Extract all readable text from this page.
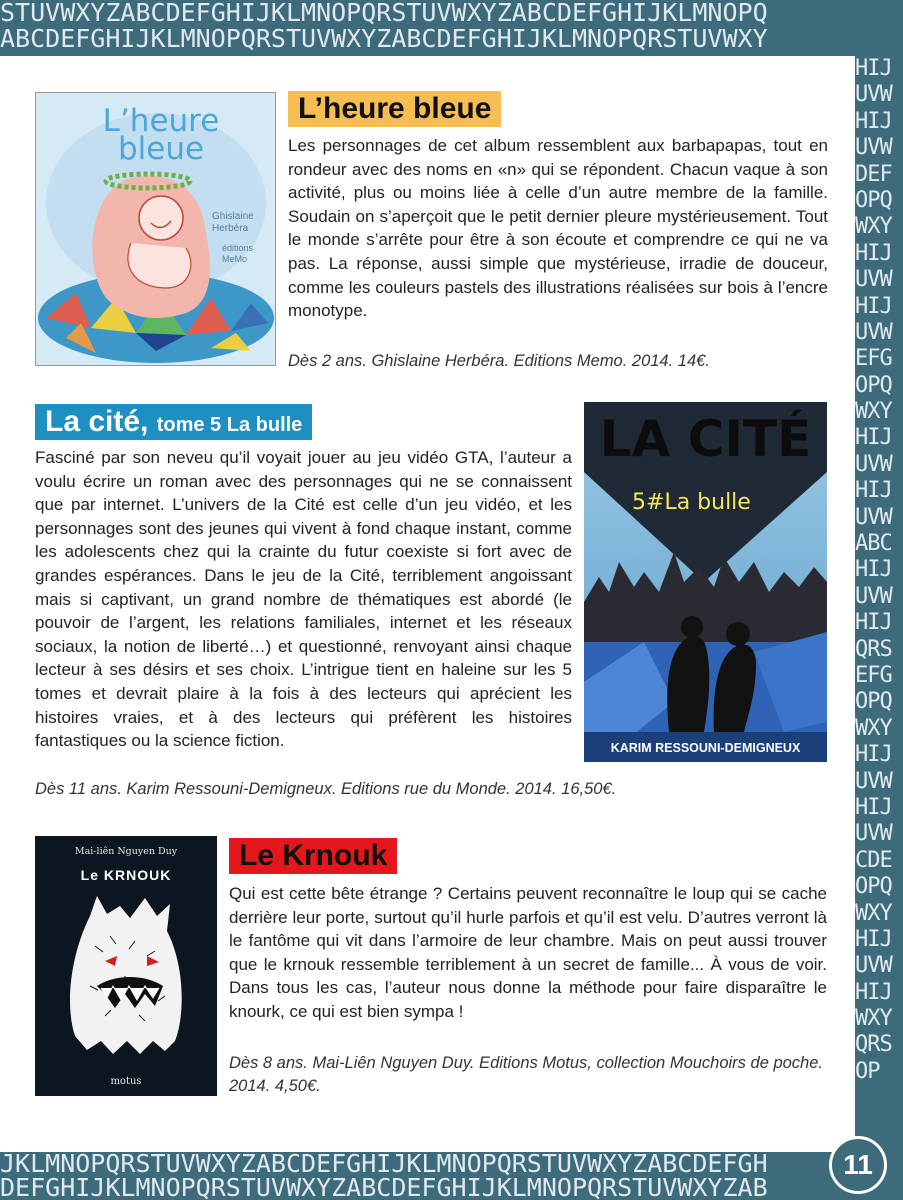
STUVWXYZABCDEFGHIJKLMNOPQRSTUVWXYZABCDEFGHIJKLMNOPQ
ABCDEFGHIJKLMNOPQRSTUVWXYZABCDEFGHIJKLMNOPQRSTUVWXY
HIJ
UVW
HIJ
UVW
DEF
OPQ
WXY
HIJ
UVW
HIJ
UVW
EFG
OPQ
WXY
HIJ
UVW
HIJ
UVW
ABC
HIJ
UVW
HIJ
QRS
EFG
OPQ
WXY
HIJ
UVW
HIJ
UVW
CDE
OPQ
WXY
HIJ
UVW
HIJ
WXY
QRS
OP
JKLMNOPQRSTUVWXYZABCDEFGHIJKLMNOPQRSTUVWXYZABCDEFGH
DEFGHIJKLMNOPQRSTUVWXYZABCDEFGHIJKLMNOPQRSTUVWXYZAB
L’heure bleue
Ghislaine Herbéra
éditions MeMo
L’heure bleue
Les personnages de cet album ressemblent aux barbapapas, tout en rondeur avec des noms en «n» qui se répondent. Chacun vaque à son activité, plus ou moins liée à celle d’un autre membre de la famille. Soudain on s’aperçoit que le petit dernier pleure mystérieusement. Tout le monde s’arrête pour être à son écoute et comprendre ce qui ne va pas. La réponse, aussi simple que mystérieuse, irradie de douceur, comme les couleurs pastels des illustrations réalisées sur bois à l’encre monotype.
Dès 2 ans. Ghislaine Herbéra. Editions Memo. 2014. 14€.
La cité, tome 5 La bulle
Fasciné par son neveu qu’il voyait jouer au jeu vidéo GTA, l’auteur a voulu écrire un roman avec des personnages qui ne se connaissent que par internet. L’univers de la Cité est celle d’un jeu vidéo, et les personnages sont des jeunes qui vivent à fond chaque instant, comme les adolescents chez qui la crainte du futur coexiste si fort avec de grandes espérances. Dans le jeu de la Cité, terriblement angoissant mais si captivant, un grand nombre de thématiques est abordé (le pouvoir de l’argent, les relations familiales, internet et les réseaux sociaux, la notion de liberté…) et questionné, renvoyant ainsi chaque lecteur à ses désirs et ses choix. L’intrigue tient en haleine sur les 5 tomes et devrait plaire à la fois à des lecteurs qui aprécient les histoires vraies, et à des lecteurs qui préfèrent les histoires fantastiques ou la science fiction.
Dès 11 ans. Karim Ressouni-Demigneux. Editions rue du Monde. 2014. 16,50€.
LA CITÉ
5#La bulle
KARIM RESSOUNI-DEMIGNEUX
Mai-liên Nguyen Duy
Le KRNOUK
motus
Le Krnouk
Qui est cette bête étrange ? Certains peuvent reconnaître le loup qui se cache derrière leur porte, surtout qu’il hurle parfois et qu’il est velu. D’autres verront là le fantôme qui vit dans l’armoire de leur chambre. Mais on peut aussi trouver que le krnouk ressemble terriblement à un secret de famille... À vous de voir. Dans tous les cas, l’auteur nous donne la méthode pour faire disparaître le knourk, ce qui est bien sympa !
Dès 8 ans. Mai-Liên Nguyen Duy. Editions Motus, collection Mouchoirs de poche. 2014. 4,50€.
11
